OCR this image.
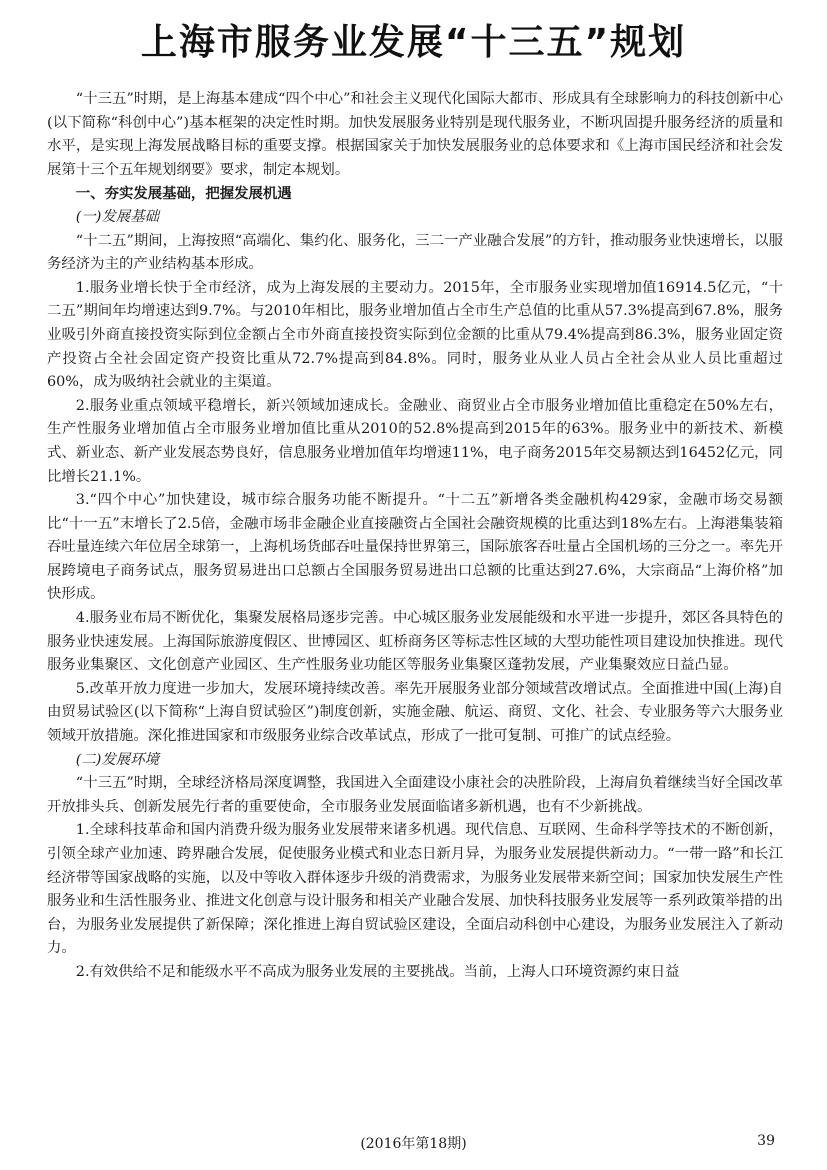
上海市服务业发展“十三五”规划

“十三五”时期，是上海基本建成“四个中心”和社会主义现代化国际大都市、形成具有全球影响力的科技创新中心(以下简称“科创中心”)基本框架的决定性时期。加快发展服务业特别是现代服务业，不断巩固提升服务经济的质量和水平，是实现上海发展战略目标的重要支撑。根据国家关于加快发展服务业的总体要求和《上海市国民经济和社会发展第十三个五年规划纲要》要求，制定本规划。

一、夯实发展基础，把握发展机遇

(一)发展基础

“十二五”期间，上海按照“高端化、集约化、服务化，三二一产业融合发展”的方针，推动服务业快速增长，以服务经济为主的产业结构基本形成。

1.服务业增长快于全市经济，成为上海发展的主要动力。2015年，全市服务业实现增加值16914.5亿元，“十二五”期间年均增速达到9.7%。与2010年相比，服务业增加值占全市生产总值的比重从57.3%提高到67.8%，服务业吸引外商直接投资实际到位金额占全市外商直接投资实际到位金额的比重从79.4%提高到86.3%，服务业固定资产投资占全社会固定资产投资比重从72.7%提高到84.8%。同时，服务业从业人员占全社会从业人员比重超过60%，成为吸纳社会就业的主渠道。

2.服务业重点领域平稳增长，新兴领域加速成长。金融业、商贸业占全市服务业增加值比重稳定在50%左右，生产性服务业增加值占全市服务业增加值比重从2010的52.8%提高到2015年的63%。服务业中的新技术、新模式、新业态、新产业发展态势良好，信息服务业增加值年均增速11%，电子商务2015年交易额达到16452亿元，同比增长21.1%。

3.“四个中心”加快建设，城市综合服务功能不断提升。“十二五”新增各类金融机构429家，金融市场交易额比“十一五”末增长了2.5倍，金融市场非金融企业直接融资占全国社会融资规模的比重达到18%左右。上海港集装箱吞吐量连续六年位居全球第一，上海机场货邮吞吐量保持世界第三，国际旅客吞吐量占全国机场的三分之一。率先开展跨境电子商务试点，服务贸易进出口总额占全国服务贸易进出口总额的比重达到27.6%，大宗商品“上海价格”加快形成。

4.服务业布局不断优化，集聚发展格局逐步完善。中心城区服务业发展能级和水平进一步提升，郊区各具特色的服务业快速发展。上海国际旅游度假区、世博园区、虹桥商务区等标志性区域的大型功能性项目建设加快推进。现代服务业集聚区、文化创意产业园区、生产性服务业功能区等服务业集聚区蓬勃发展，产业集聚效应日益凸显。

5.改革开放力度进一步加大，发展环境持续改善。率先开展服务业部分领域营改增试点。全面推进中国(上海)自由贸易试验区(以下简称“上海自贸试验区”)制度创新，实施金融、航运、商贸、文化、社会、专业服务等六大服务业领域开放措施。深化推进国家和市级服务业综合改革试点，形成了一批可复制、可推广的试点经验。

(二)发展环境

“十三五”时期，全球经济格局深度调整，我国进入全面建设小康社会的决胜阶段，上海肩负着继续当好全国改革开放排头兵、创新发展先行者的重要使命，全市服务业发展面临诸多新机遇，也有不少新挑战。

1.全球科技革命和国内消费升级为服务业发展带来诸多机遇。现代信息、互联网、生命科学等技术的不断创新，引领全球产业加速、跨界融合发展，促使服务业模式和业态日新月异，为服务业发展提供新动力。“一带一路”和长江经济带等国家战略的实施，以及中等收入群体逐步升级的消费需求，为服务业发展带来新空间；国家加快发展生产性服务业和生活性服务业、推进文化创意与设计服务和相关产业融合发展、加快科技服务业发展等一系列政策举措的出台，为服务业发展提供了新保障；深化推进上海自贸试验区建设，全面启动科创中心建设，为服务业发展注入了新动力。

2.有效供给不足和能级水平不高成为服务业发展的主要挑战。当前，上海人口环境资源约束日益

(2016年第18期)	39
